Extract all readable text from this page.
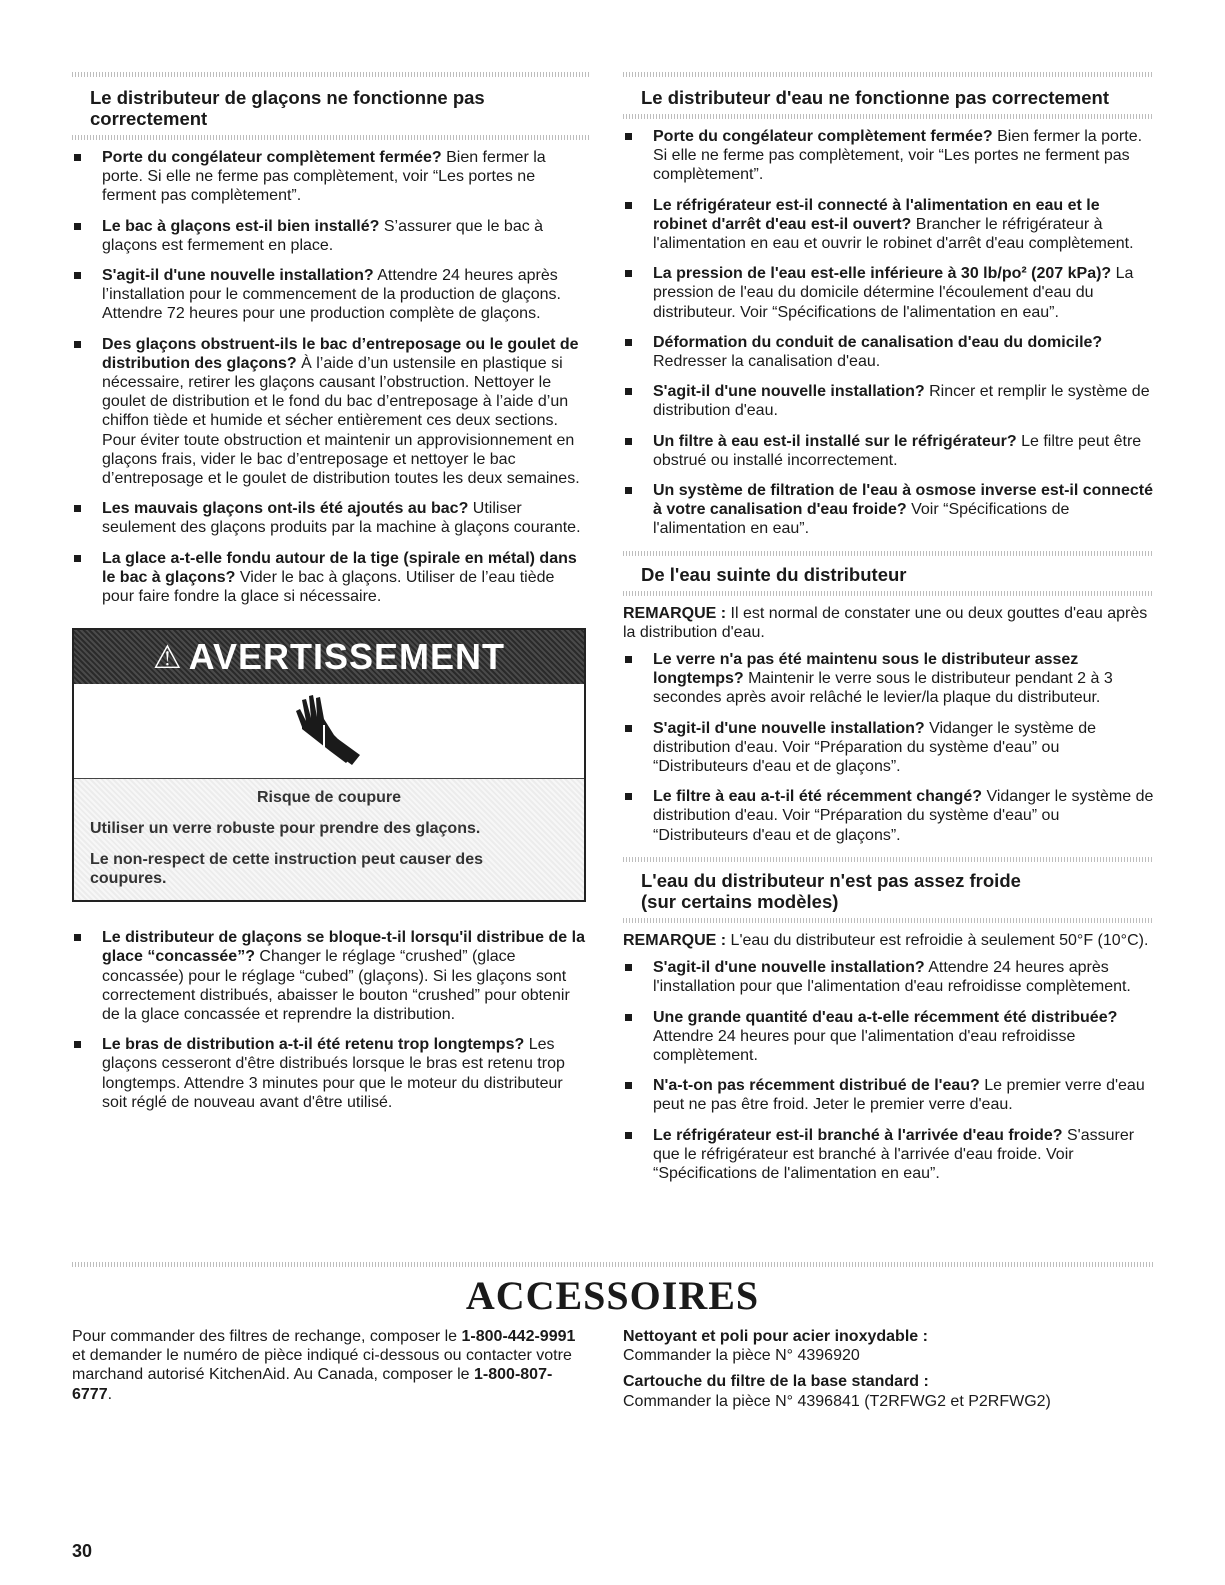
Le distributeur de glaçons ne fonctionne pas correctement
Porte du congélateur complètement fermée? Bien fermer la porte. Si elle ne ferme pas complètement, voir “Les portes ne ferment pas complètement”.
Le bac à glaçons est-il bien installé? S’assurer que le bac à glaçons est fermement en place.
S'agit-il d'une nouvelle installation? Attendre 24 heures après l’installation pour le commencement de la production de glaçons. Attendre 72 heures pour une production complète de glaçons.
Des glaçons obstruent-ils le bac d’entreposage ou le goulet de distribution des glaçons? À l’aide d’un ustensile en plastique si nécessaire, retirer les glaçons causant l’obstruction. Nettoyer le goulet de distribution et le fond du bac d’entreposage à l’aide d’un chiffon tiède et humide et sécher entièrement ces deux sections. Pour éviter toute obstruction et maintenir un approvisionnement en glaçons frais, vider le bac d’entreposage et nettoyer le bac d’entreposage et le goulet de distribution toutes les deux semaines.
Les mauvais glaçons ont-ils été ajoutés au bac? Utiliser seulement des glaçons produits par la machine à glaçons courante.
La glace a-t-elle fondu autour de la tige (spirale en métal) dans le bac à glaçons? Vider le bac à glaçons. Utiliser de l’eau tiède pour faire fondre la glace si nécessaire.
⚠ AVERTISSEMENT
Risque de coupure
Utiliser un verre robuste pour prendre des glaçons.
Le non-respect de cette instruction peut causer des coupures.
Le distributeur de glaçons se bloque-t-il lorsqu'il distribue de la glace “concassée”? Changer le réglage “crushed” (glace concassée) pour le réglage “cubed” (glaçons). Si les glaçons sont correctement distribués, abaisser le bouton “crushed” pour obtenir de la glace concassée et reprendre la distribution.
Le bras de distribution a-t-il été retenu trop longtemps? Les glaçons cesseront d'être distribués lorsque le bras est retenu trop longtemps. Attendre 3 minutes pour que le moteur du distributeur soit réglé de nouveau avant d'être utilisé.
Le distributeur d'eau ne fonctionne pas correctement
Porte du congélateur complètement fermée? Bien fermer la porte. Si elle ne ferme pas complètement, voir “Les portes ne ferment pas complètement”.
Le réfrigérateur est-il connecté à l'alimentation en eau et le robinet d'arrêt d'eau est-il ouvert? Brancher le réfrigérateur à l'alimentation en eau et ouvrir le robinet d'arrêt d'eau complètement.
La pression de l'eau est-elle inférieure à 30 lb/po² (207 kPa)? La pression de l'eau du domicile détermine l'écoulement d'eau du distributeur. Voir “Spécifications de l'alimentation en eau”.
Déformation du conduit de canalisation d'eau du domicile? Redresser la canalisation d'eau.
S'agit-il d'une nouvelle installation? Rincer et remplir le système de distribution d'eau.
Un filtre à eau est-il installé sur le réfrigérateur? Le filtre peut être obstrué ou installé incorrectement.
Un système de filtration de l'eau à osmose inverse est-il connecté à votre canalisation d'eau froide? Voir “Spécifications de l'alimentation en eau”.
De l'eau suinte du distributeur
REMARQUE : Il est normal de constater une ou deux gouttes d'eau après la distribution d'eau.
Le verre n'a pas été maintenu sous le distributeur assez longtemps? Maintenir le verre sous le distributeur pendant 2 à 3 secondes après avoir relâché le levier/la plaque du distributeur.
S'agit-il d'une nouvelle installation? Vidanger le système de distribution d'eau. Voir “Préparation du système d'eau” ou “Distributeurs d'eau et de glaçons”.
Le filtre à eau a-t-il été récemment changé? Vidanger le système de distribution d'eau. Voir “Préparation du système d'eau” ou “Distributeurs d'eau et de glaçons”.
L'eau du distributeur n'est pas assez froide
(sur certains modèles)
REMARQUE : L'eau du distributeur est refroidie à seulement 50°F (10°C).
S'agit-il d'une nouvelle installation? Attendre 24 heures après l'installation pour que l'alimentation d'eau refroidisse complètement.
Une grande quantité d'eau a-t-elle récemment été distribuée? Attendre 24 heures pour que l'alimentation d'eau refroidisse complètement.
N'a-t-on pas récemment distribué de l'eau? Le premier verre d'eau peut ne pas être froid. Jeter le premier verre d'eau.
Le réfrigérateur est-il branché à l'arrivée d'eau froide? S'assurer que le réfrigérateur est branché à l'arrivée d'eau froide. Voir “Spécifications de l'alimentation en eau”.
ACCESSOIRES
Pour commander des filtres de rechange, composer le 1-800-442-9991 et demander le numéro de pièce indiqué ci-dessous ou contacter votre marchand autorisé KitchenAid. Au Canada, composer le 1-800-807-6777.

Nettoyant et poli pour acier inoxydable :
Commander la pièce N° 4396920

Cartouche du filtre de la base standard :
Commander la pièce N° 4396841 (T2RFWG2 et P2RFWG2)

30
